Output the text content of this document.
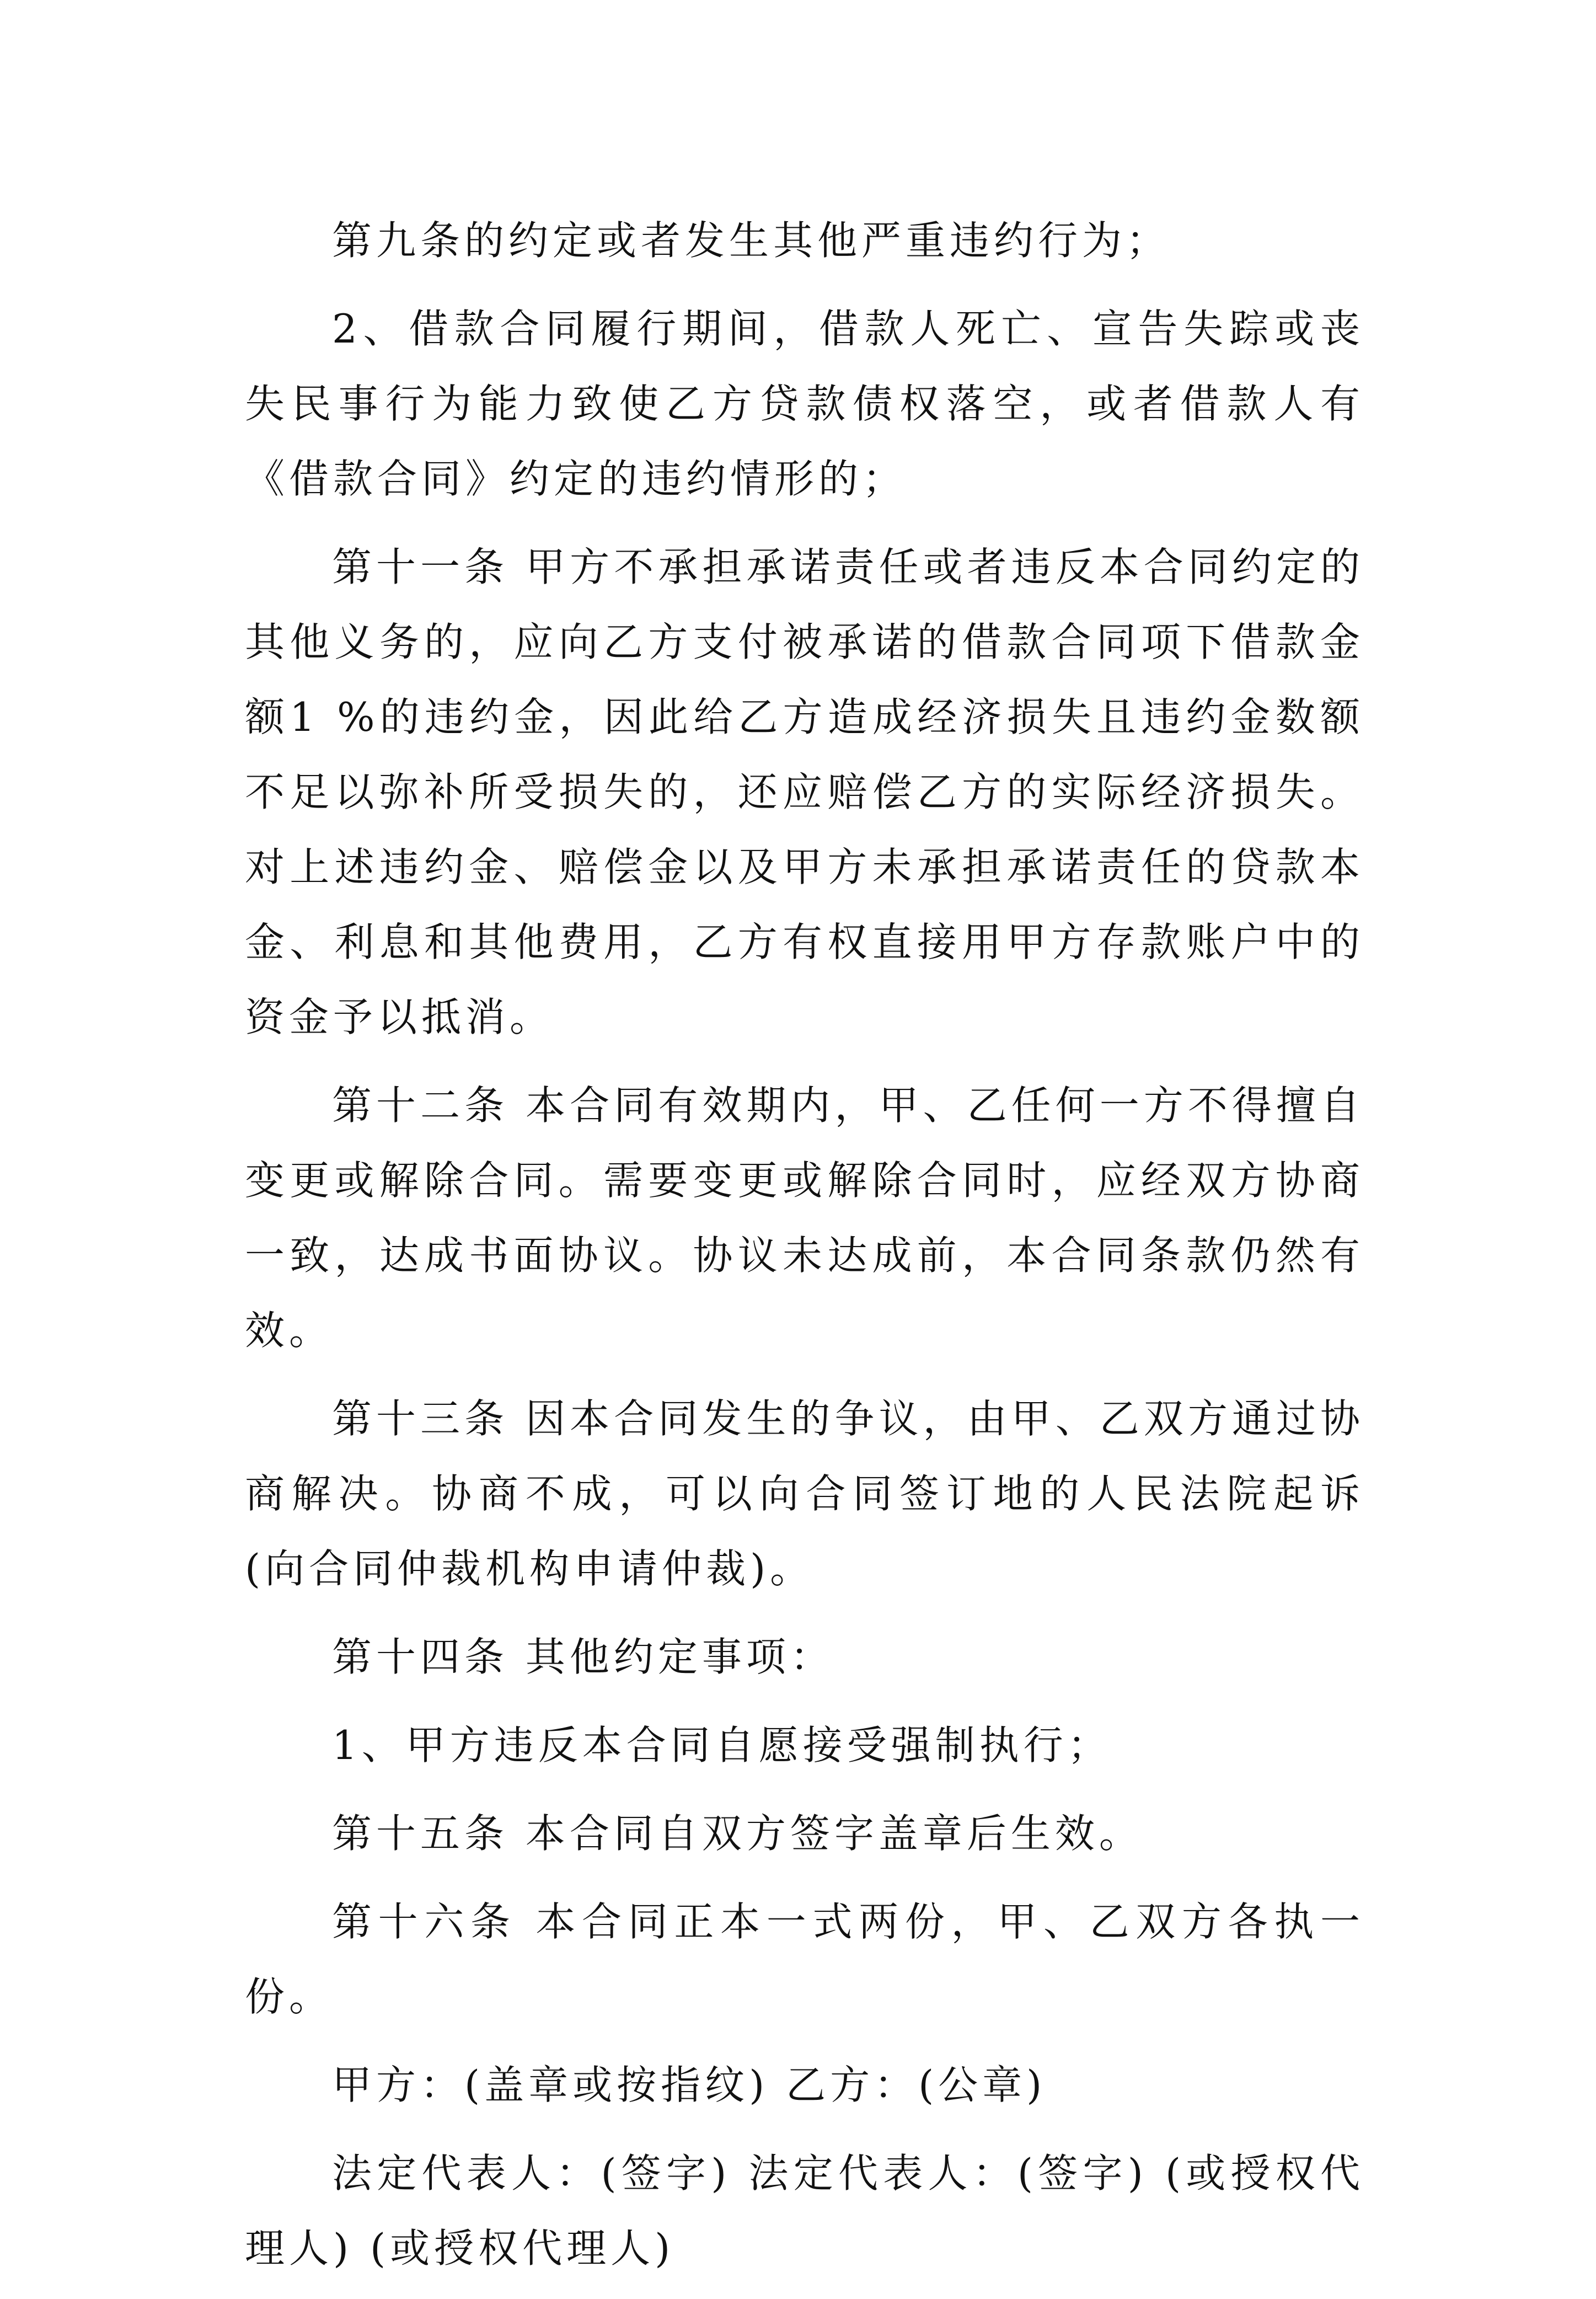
第九条的约定或者发生其他严重违约行为；

2、借款合同履行期间，借款人死亡、宣告失踪或丧失民事行为能力致使乙方贷款债权落空，或者借款人有《借款合同》约定的违约情形的；

第十一条 甲方不承担承诺责任或者违反本合同约定的其他义务的，应向乙方支付被承诺的借款合同项下借款金额1 %的违约金，因此给乙方造成经济损失且违约金数额不足以弥补所受损失的，还应赔偿乙方的实际经济损失。对上述违约金、赔偿金以及甲方未承担承诺责任的贷款本金、利息和其他费用，乙方有权直接用甲方存款账户中的资金予以抵消。

第十二条 本合同有效期内，甲、乙任何一方不得擅自变更或解除合同。需要变更或解除合同时，应经双方协商一致，达成书面协议。协议未达成前，本合同条款仍然有效。

第十三条 因本合同发生的争议，由甲、乙双方通过协商解决。协商不成，可以向合同签订地的人民法院起诉(向合同仲裁机构申请仲裁)。

第十四条 其他约定事项：

1、甲方违反本合同自愿接受强制执行；

第十五条 本合同自双方签字盖章后生效。

第十六条 本合同正本一式两份，甲、乙双方各执一份。

甲方：(盖章或按指纹) 乙方：(公章)

法定代表人：(签字) 法定代表人：(签字) (或授权代理人) (或授权代理人)
